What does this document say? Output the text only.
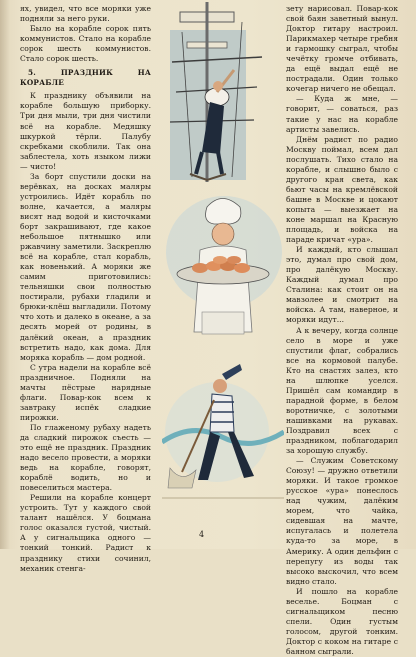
ях, увидел, что все моряки уже подняли за него руки.

Было на корабле сорок пять коммунистов. Стало на корабле сорок шесть коммунистов. Стало сорок шесть.

5. ПРАЗДНИК НА КОРАБЛЕ

К празднику объявили на корабле большую приборку. Три дня мыли, три дня чистили всё на корабле. Медяшку шкуркой тёрли. Палубу скребками скоблили. Так она заблестела, хоть языком лижи — чисто!

За борт спустили доски на верёвках, на досках маляры устроились. Идёт корабль по волне, качается, а маляры висят над водой и кисточками борт закрашивают, где какое небольшое пятнышко или ржавчину заметили. Заскреплю всё на корабле, стал корабль, как новенький. А моряки же самим приготовились: тельняшки свои полностью постирали, рубахи гладили и брюки-клёш выгладили. Потому что хоть и далеко в океане, а за десять морей от родины, в далёкий океан, а праздник встретить надо, как дома. Для моряка корабль — дом родной.

С утра надели на корабле всё праздничное. Подняли на мачты пёстрые нарядные флаги. Повар-кок всем к завтраку испёк сладкие пирожки.

По глаженому рубаху надеть да сладкий пирожок съесть — это ещё не праздник. Праздник надо весело провести, а моряки ведь на корабле, говорят, кораблё водить, но и повеселиться мастера.

Решили на корабле концерт устроить. Тут у каждого свой талант нашёлся. У боцмана голос оказался густой, чистый. А у сигнальщика одного — тонкий тонкий. Радист к празднику стихи сочинил, механик стенга-

зету нарисовал. Повар-кок свой баян заветный вынул. Доктор гитару настроил. Парикмахер четыре гребня и гармошку сыграл, чтобы чечётку громче отбивать, да ещё выдал ещё не пострадали. Один только кочегар ничего не обещал.

— Куда ж мне, — говорит, — соваться, раз такие у нас на корабле артисты завелись.

Днём радист по радио Москву поймал, всем дал послушать. Тихо стало на корабле, и слышно было с другого края света, как бьют часы на кремлёвской башне в Москве и цокают копыта — выезжает на коне маршал на Красную площадь, и войска на параде кричат «ура».

И каждый, кто слышал это, думал про свой дом, про далёкую Москву. Каждый думал про Сталина: как стоит он на мавзолее и смотрит на войска. А там, наверное, и моряки идут...

А к вечеру, когда солнце село в море и уже спустили флаг, собрались все на кормовой палубе. Кто на снастях залез, кто на шлюпке уселся. Пришёл сам командир в парадной форме, в белом воротничке, с золотыми нашивками на рукавах. Поздравил всех с праздником, поблагодарил за хорошую службу.

— Служим Советскому Союзу! — дружно ответили моряки. И такое громкое русское «ура» понеслось над чужим, далёким морем, что чайка, сидевшая на мачте, испугалась и полетела куда-то за море, в Америку. А один дельфин с перепугу из воды так высоко выскочил, что всем видно стало.

И пошло на корабле веселье. Боцман с сигнальщиком песню спели. Один густым голосом, другой тонким. Доктор с коком на гитаре с баяном сыграли.

4
